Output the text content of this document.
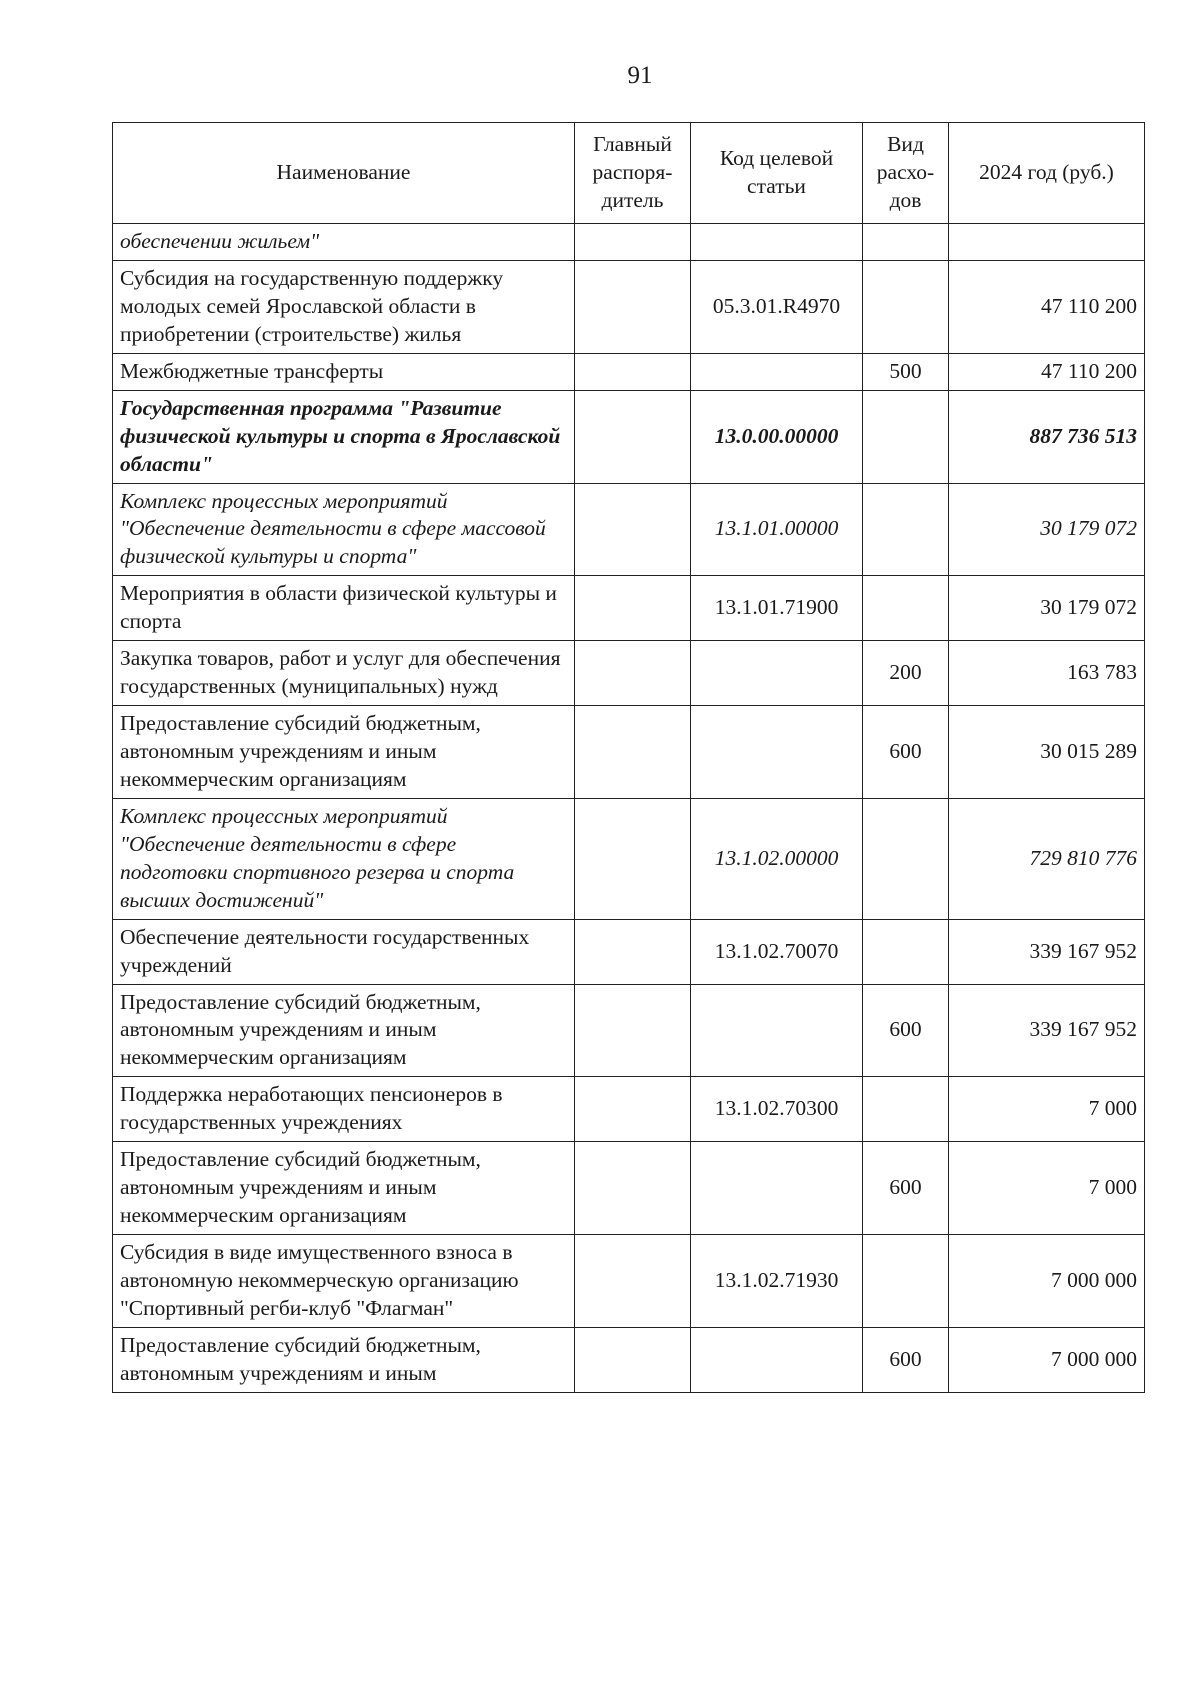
91
Наименование	Главный распоря-дитель	Код целевой статьи	Вид расхо-дов	2024 год (руб.)
обеспечении жильем"				
Субсидия на государственную поддержку молодых семей Ярославской области в приобретении (строительстве) жилья		05.3.01.R4970		47 110 200
Межбюджетные трансферты			500	47 110 200
Государственная программа "Развитие физической культуры и спорта в Ярославской области"		13.0.00.00000		887 736 513
Комплекс процессных мероприятий "Обеспечение деятельности в сфере массовой физической культуры и спорта"		13.1.01.00000		30 179 072
Мероприятия в области физической культуры и спорта		13.1.01.71900		30 179 072
Закупка товаров, работ и услуг для обеспечения государственных (муниципальных) нужд			200	163 783
Предоставление субсидий бюджетным, автономным учреждениям и иным некоммерческим организациям			600	30 015 289
Комплекс процессных мероприятий "Обеспечение деятельности в сфере подготовки спортивного резерва и спорта высших достижений"		13.1.02.00000		729 810 776
Обеспечение деятельности государственных учреждений		13.1.02.70070		339 167 952
Предоставление субсидий бюджетным, автономным учреждениям и иным некоммерческим организациям			600	339 167 952
Поддержка неработающих пенсионеров в государственных учреждениях		13.1.02.70300		7 000
Предоставление субсидий бюджетным, автономным учреждениям и иным некоммерческим организациям			600	7 000
Субсидия в виде имущественного взноса в автономную некоммерческую организацию "Спортивный регби-клуб "Флагман"		13.1.02.71930		7 000 000
Предоставление субсидий бюджетным, автономным учреждениям и иным			600	7 000 000
